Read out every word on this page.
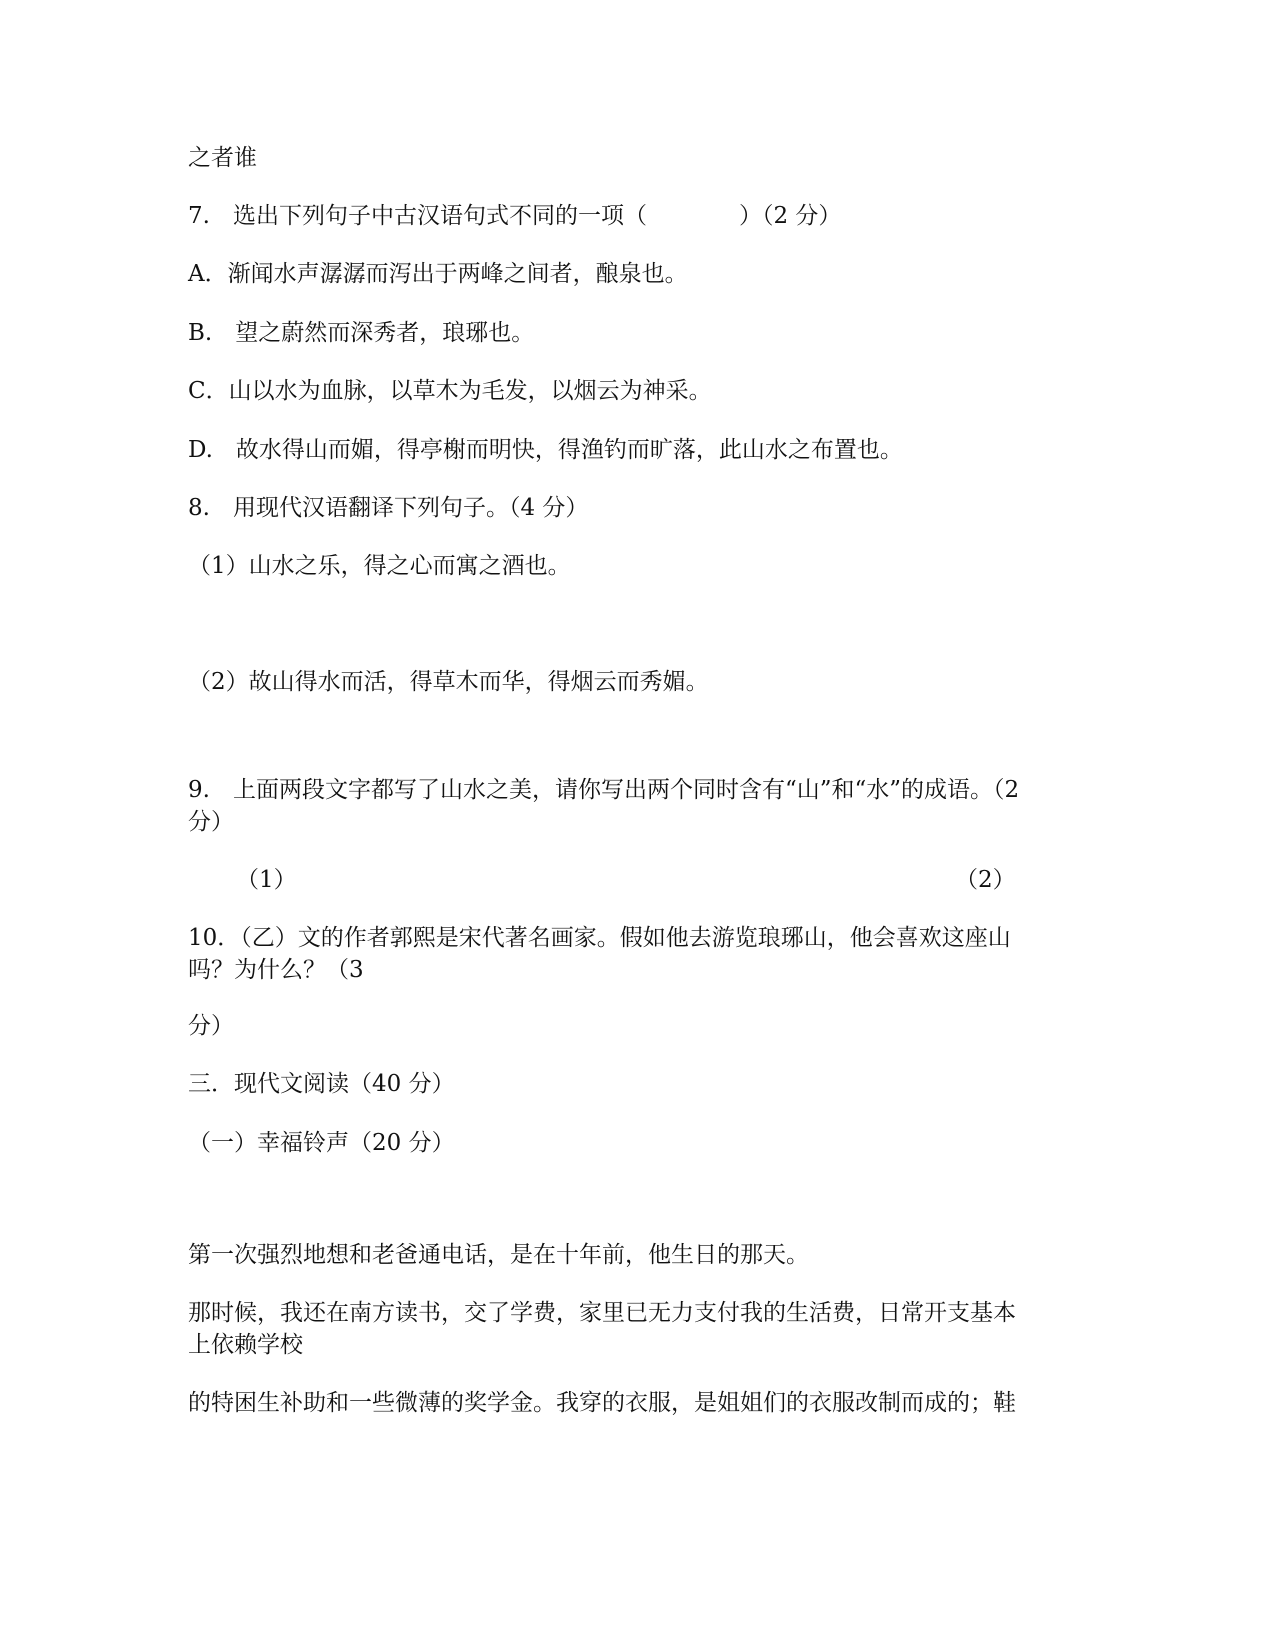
之者谁
7.　选出下列句子中古汉语句式不同的一项（　　　　）（2 分）
A．渐闻水声潺潺而泻出于两峰之间者，酿泉也。
B.　望之蔚然而深秀者，琅琊也。
C．山以水为血脉，以草木为毛发，以烟云为神采。
D.　故水得山而媚，得亭榭而明快，得渔钓而旷落，此山水之布置也。
8.　用现代汉语翻译下列句子。（4 分）
（1）山水之乐，得之心而寓之酒也。
（2）故山得水而活，得草木而华，得烟云而秀媚。
9.　上面两段文字都写了山水之美，请你写出两个同时含有“山”和“水”的成语。（2
分）
（1）	（2）
10．（乙）文的作者郭熙是宋代著名画家。假如他去游览琅琊山，他会喜欢这座山
吗？为什么？（3
分）
三．现代文阅读（40 分）
（一）幸福铃声（20 分）
第一次强烈地想和老爸通电话，是在十年前，他生日的那天。
那时候，我还在南方读书，交了学费，家里已无力支付我的生活费，日常开支基本
上依赖学校
的特困生补助和一些微薄的奖学金。我穿的衣服，是姐姐们的衣服改制而成的；鞋
